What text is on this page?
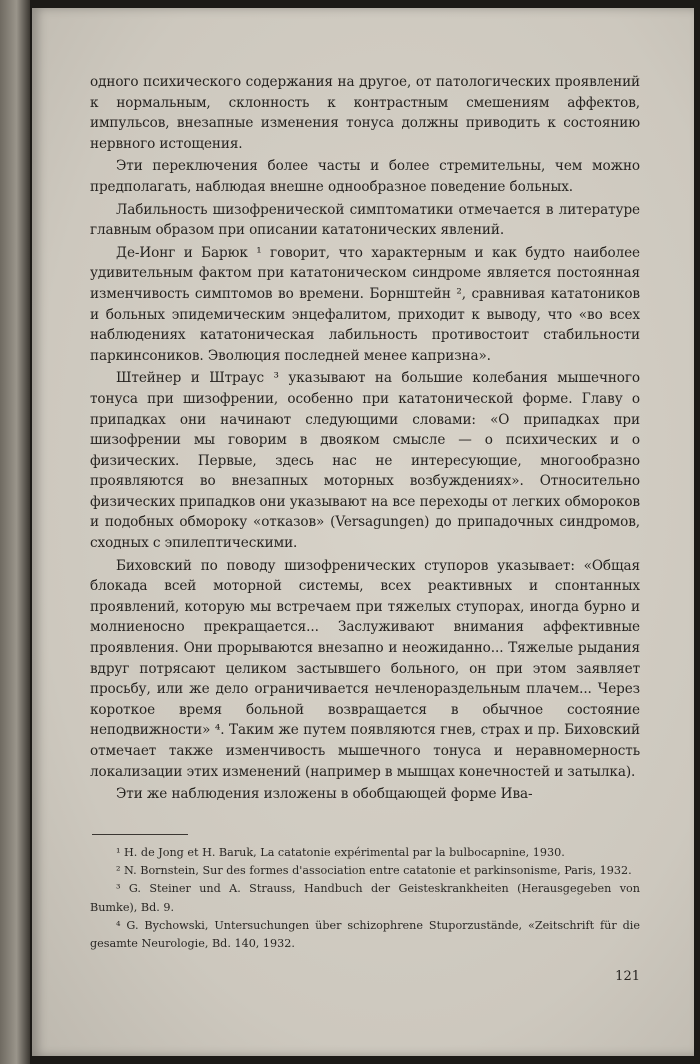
одного психического содержания на другое, от патологических проявлений к нормальным, склонность к контрастным смешениям аффектов, импульсов, внезапные изменения тонуса должны приводить к состоянию нервного истощения.

Эти переключения более часты и более стремительны, чем можно предполагать, наблюдая внешне однообразное поведение больных.

Лабильность шизофренической симптоматики отмечается в литературе главным образом при описании кататонических явлений.

Де-Ионг и Барюк ¹ говорит, что характерным и как будто наиболее удивительным фактом при кататоническом синдроме является постоянная изменчивость симптомов во времени. Борнштейн ², сравнивая кататоников и больных эпидемическим энцефалитом, приходит к выводу, что «во всех наблюдениях кататоническая лабильность противостоит стабильности паркинсоников. Эволюция последней менее капризна».

Штейнер и Штраус ³ указывают на большие колебания мышечного тонуса при шизофрении, особенно при кататонической форме. Главу о припадках они начинают следующими словами: «О припадках при шизофрении мы говорим в двояком смысле — о психических и о физических. Первые, здесь нас не интересующие, многообразно проявляются во внезапных моторных возбуждениях». Относительно физических припадков они указывают на все переходы от легких обмороков и подобных обмороку «отказов» (Versagungen) до припадочных синдромов, сходных с эпилептическими.

Биховский по поводу шизофренических ступоров указывает: «Общая блокада всей моторной системы, всех реактивных и спонтанных проявлений, которую мы встречаем при тяжелых ступорах, иногда бурно и молниеносно прекращается... Заслуживают внимания аффективные проявления. Они прорываются внезапно и неожиданно... Тяжелые рыдания вдруг потрясают целиком застывшего больного, он при этом заявляет просьбу, или же дело ограничивается нечленораздельным плачем... Через короткое время больной возвращается в обычное состояние неподвижности» ⁴. Таким же путем появляются гнев, страх и пр. Биховский отмечает также изменчивость мышечного тонуса и неравномерность локализации этих изменений (например в мышцах конечностей и затылка).

Эти же наблюдения изложены в обобщающей форме Ива-

¹ H. de Jong et H. Baruk, La catatonie expérimental par la bulbocapnine, 1930.

² N. Bornstein, Sur des formes d'association entre catatonie et parkinsonisme, Paris, 1932.

³ G. Steiner und A. Strauss, Handbuch der Geisteskrankheiten (Herausgegeben von Bumke), Bd. 9.

⁴ G. Bychowski, Untersuchungen über schizophrene Stuporzustände, «Zeitschrift für die gesamte Neurologie, Bd. 140, 1932.

121
